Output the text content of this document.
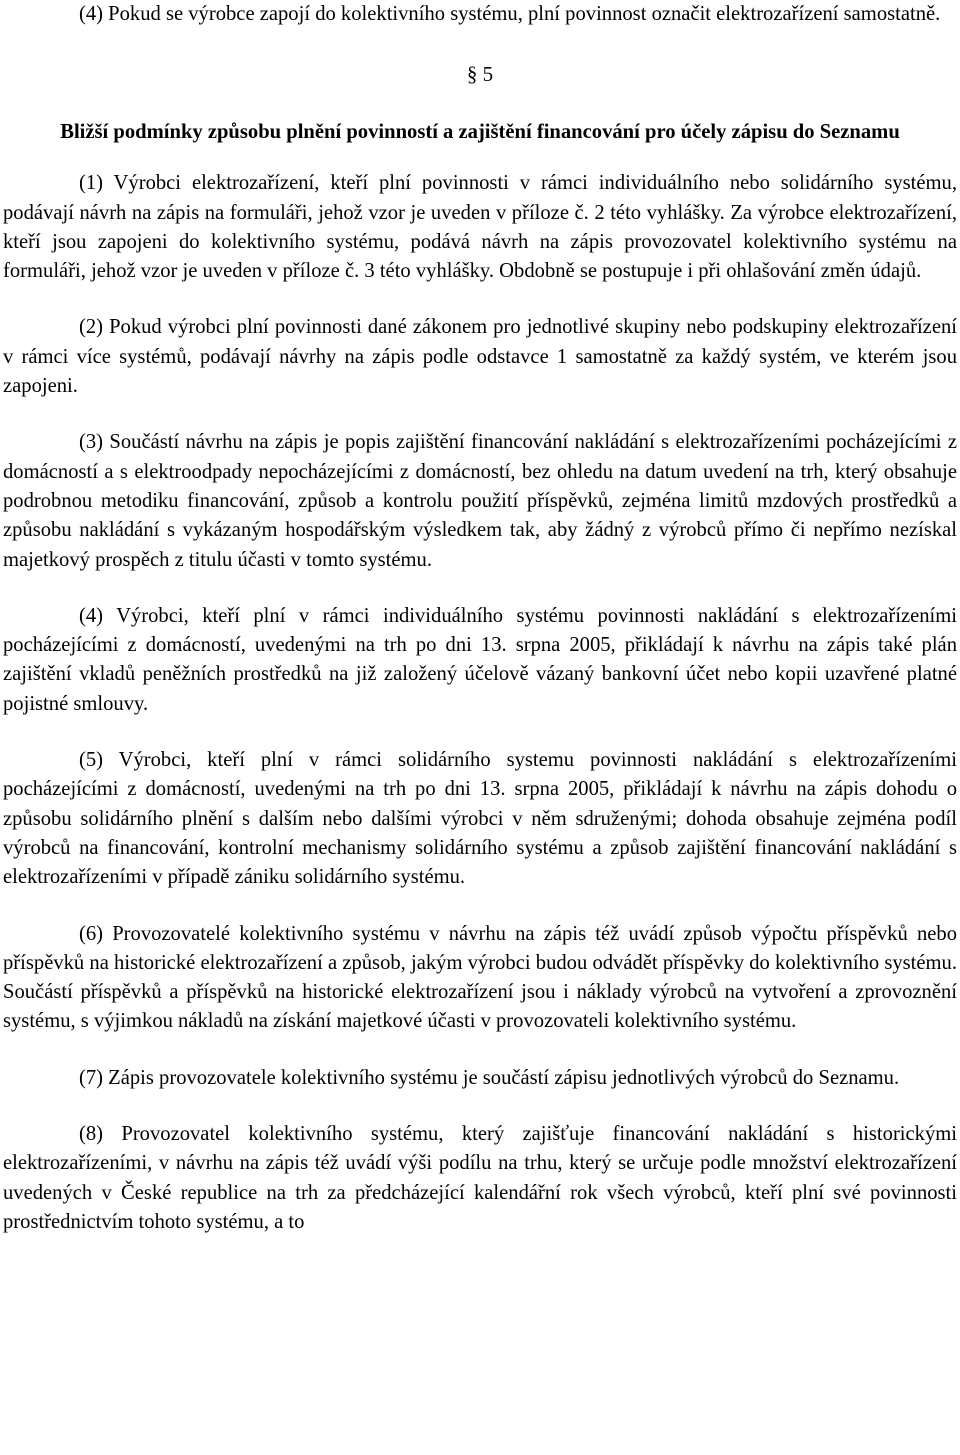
(4) Pokud se výrobce zapojí do kolektivního systému, plní povinnost označit elektrozařízení samostatně.

§ 5
Bližší podmínky způsobu plnění povinností a zajištění financování pro účely zápisu do Seznamu

(1) Výrobci elektrozařízení, kteří plní povinnosti v rámci individuálního nebo solidárního systému, podávají návrh na zápis na formuláři, jehož vzor je uveden v příloze č. 2 této vyhlášky. Za výrobce elektrozařízení, kteří jsou zapojeni do kolektivního systému, podává návrh na zápis provozovatel kolektivního systému na formuláři, jehož vzor je uveden v příloze č. 3 této vyhlášky. Obdobně se postupuje i při ohlašování změn údajů.

(2) Pokud výrobci plní povinnosti dané zákonem pro jednotlivé skupiny nebo podskupiny elektrozařízení v rámci více systémů, podávají návrhy na zápis podle odstavce 1 samostatně za každý systém, ve kterém jsou zapojeni.

(3) Součástí návrhu na zápis je popis zajištění financování nakládání s elektrozařízeními pocházejícími z domácností a s elektroodpady nepocházejícími z domácností, bez ohledu na datum uvedení na trh, který obsahuje podrobnou metodiku financování, způsob a kontrolu použití příspěvků, zejména limitů mzdových prostředků a způsobu nakládání s vykázaným hospodářským výsledkem tak, aby žádný z výrobců přímo či nepřímo nezískal majetkový prospěch z titulu účasti v tomto systému.

(4) Výrobci, kteří plní v rámci individuálního systému povinnosti nakládání s elektrozařízeními pocházejícími z domácností, uvedenými na trh po dni 13. srpna 2005, přikládají k návrhu na zápis také plán zajištění vkladů peněžních prostředků na již založený účelově vázaný bankovní účet nebo kopii uzavřené platné pojistné smlouvy.

(5) Výrobci, kteří plní v rámci solidárního systemu povinnosti nakládání s elektrozařízeními pocházejícími z domácností, uvedenými na trh po dni 13. srpna 2005, přikládají k návrhu na zápis dohodu o způsobu solidárního plnění s dalším nebo dalšími výrobci v něm sdruženými; dohoda obsahuje zejména podíl výrobců na financování, kontrolní mechanismy solidárního systému a způsob zajištění financování nakládání s elektrozařízeními v případě zániku solidárního systému.

(6) Provozovatelé kolektivního systému v návrhu na zápis též uvádí způsob výpočtu příspěvků nebo příspěvků na historické elektrozařízení a způsob, jakým výrobci budou odvádět příspěvky do kolektivního systému. Součástí příspěvků a příspěvků na historické elektrozařízení jsou i náklady výrobců na vytvoření a zprovoznění systému, s výjimkou nákladů na získání majetkové účasti v provozovateli kolektivního systému.

(7) Zápis provozovatele kolektivního systému je součástí zápisu jednotlivých výrobců do Seznamu.

(8) Provozovatel kolektivního systému, který zajišťuje financování nakládání s historickými elektrozařízeními, v návrhu na zápis též uvádí výši podílu na trhu, který se určuje podle množství elektrozařízení uvedených v České republice na trh za předcházející kalendářní rok všech výrobců, kteří plní své povinnosti prostřednictvím tohoto systému, a to
